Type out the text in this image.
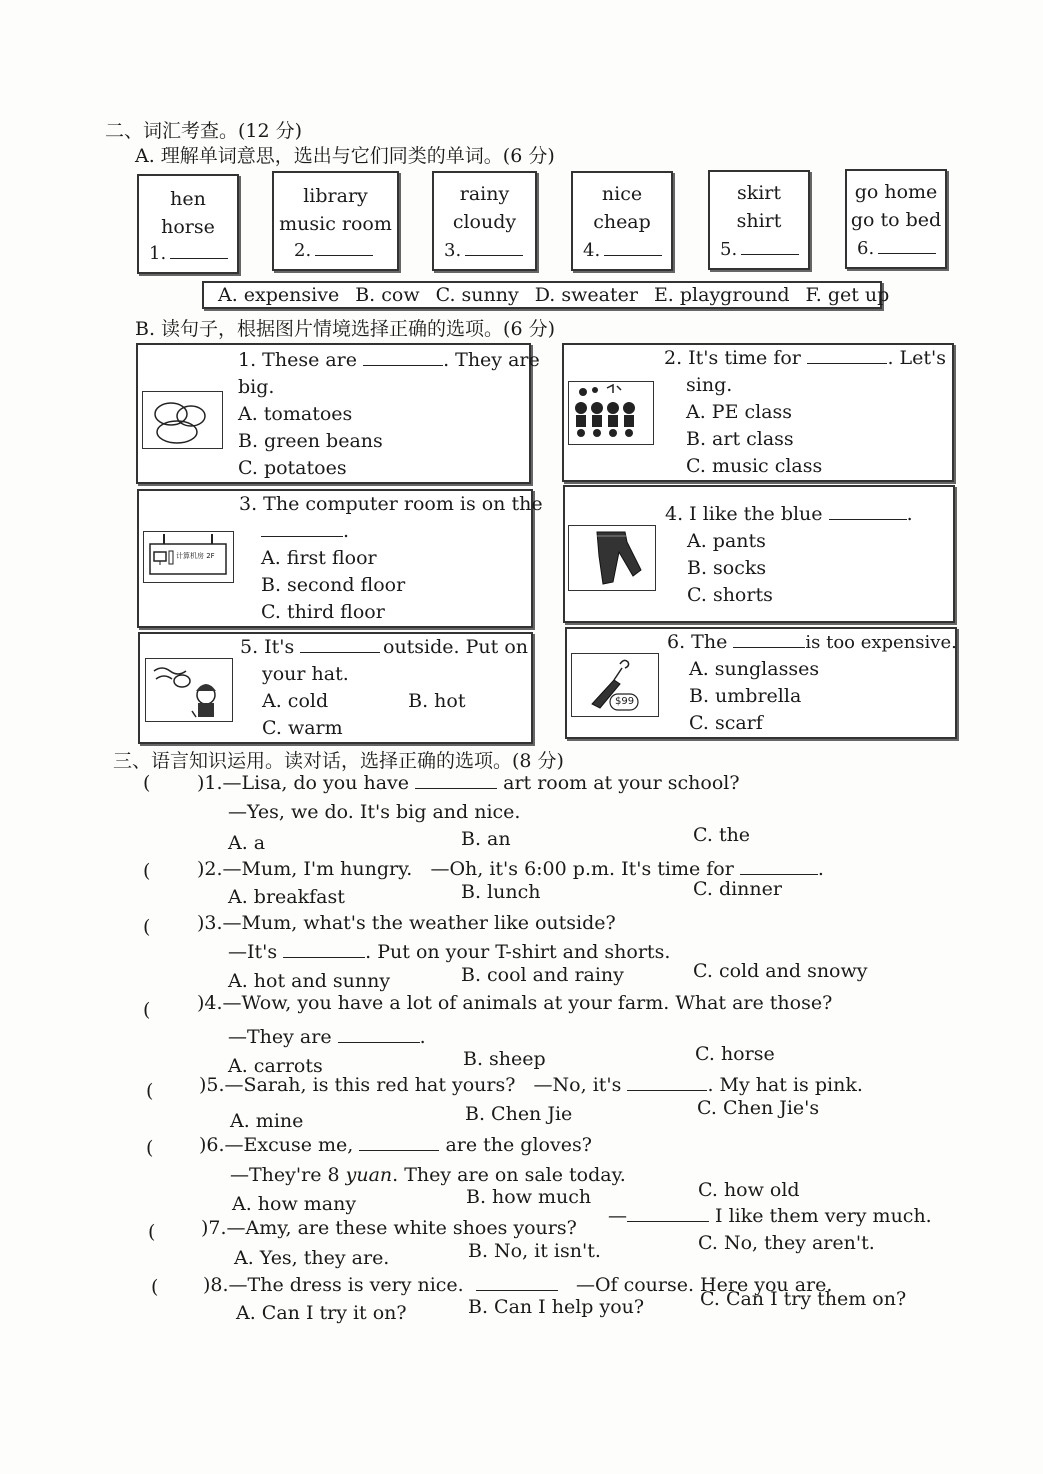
二、词汇考查。(12 分)
A. 理解单词意思，选出与它们同类的单词。(6 分)
hen
horse
1.
library
music room
2.
rainy
cloudy
3.
nice
cheap
4.
skirt
shirt
5.
go home
go to bed
6.
A. expensive B. cow C. sunny D. sweater E. playground F. get up
B. 读句子，根据图片情境选择正确的选项。(6 分)
1. These are	. They are
big.
A. tomatoes
B. green beans
C. potatoes
2. It's time for	. Let's
sing.
A. PE class
B. art class
C. music class
计算机房 2F
3. The computer room is on the
.
A. first floor
B. second floor
C. third floor
4. I like the blue	.
A. pants
B. socks
C. shorts
5. It's	outside. Put on
your hat.
A. cold	B. hot
C. warm
$99
6. The	is too expensive.
A. sunglasses
B. umbrella
C. scarf
三、语言知识运用。读对话，选择正确的选项。(8 分)
( )1.—Lisa, do you have	art room at your school?
—Yes, we do. It's big and nice.
A. a	B. an	C. the
( )2.—Mum, I'm hungry. —Oh, it's 6:00 p.m. It's time for	.
A. breakfast	B. lunch	C. dinner
( )3.—Mum, what's the weather like outside?
—It's	. Put on your T-shirt and shorts.
A. hot and sunny	B. cool and rainy	C. cold and snowy
( )4.—Wow, you have a lot of animals at your farm. What are those?
—They are	.
A. carrots	B. sheep	C. horse
( )5.—Sarah, is this red hat yours? —No, it's	. My hat is pink.
A. mine	B. Chen Jie	C. Chen Jie's
( )6.—Excuse me,	are the gloves?
—They're 8 yuan. They are on sale today.
A. how many	B. how much	C. how old
( )7.—Amy, are these white shoes yours?
—	I like them very much.
A. Yes, they are.	B. No, it isn't.	C. No, they aren't.
( )8.—The dress is very nice.	—Of course. Here you are.
A. Can I try it on?	B. Can I help you?	C. Can I try them on?
